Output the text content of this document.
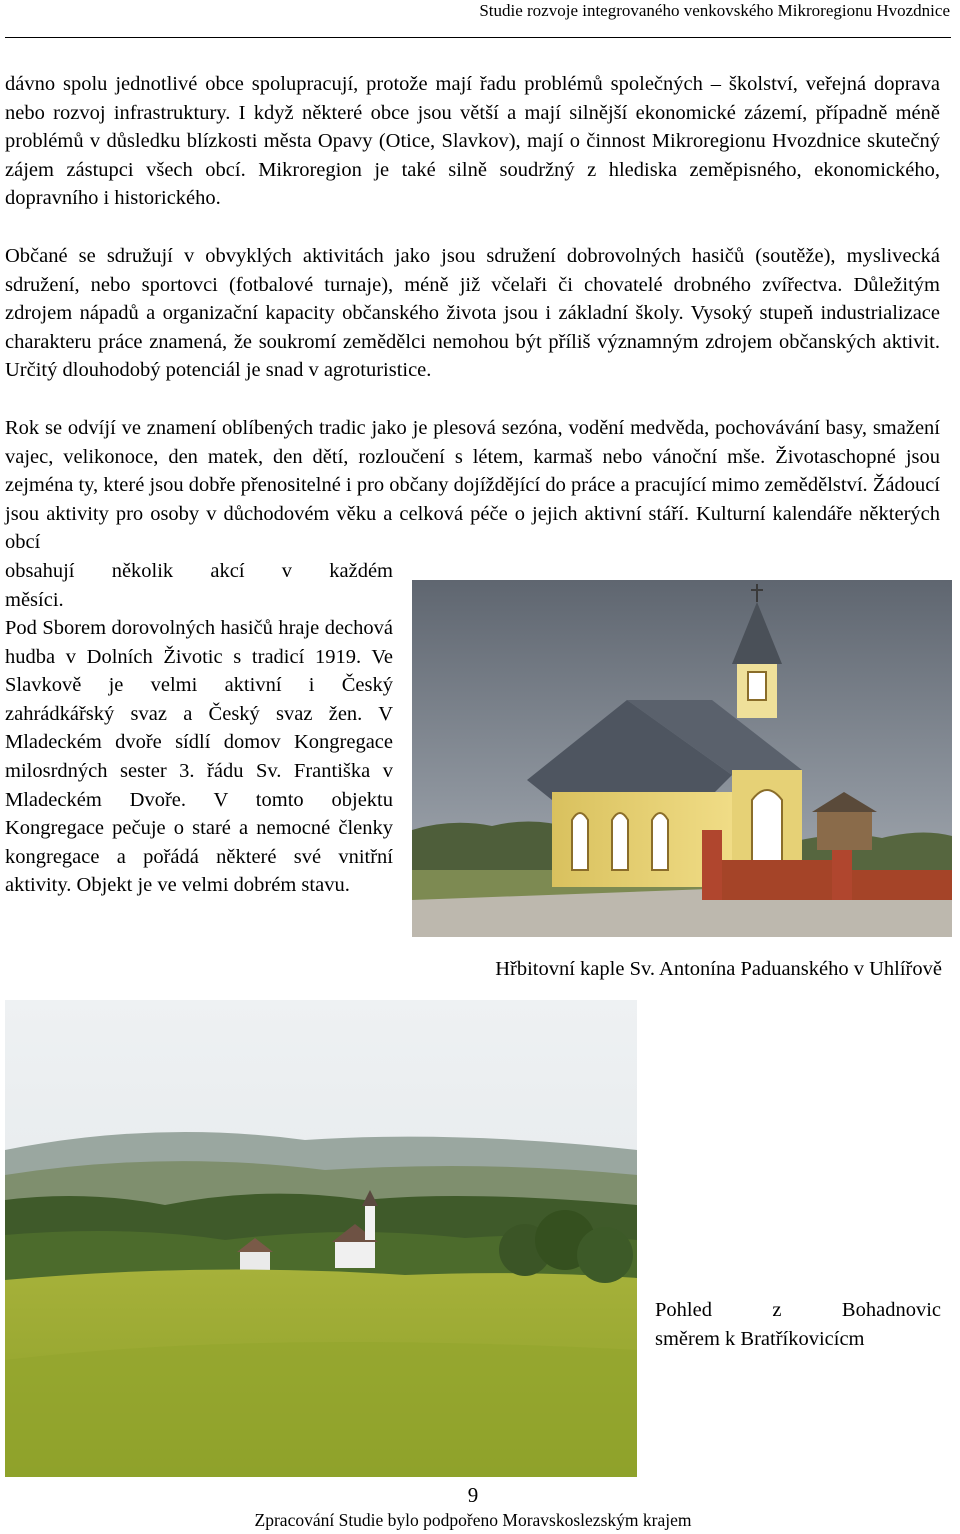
Studie rozvoje integrovaného venkovského Mikroregionu Hvozdnice

dávno spolu jednotlivé obce spolupracují, protože mají řadu problémů společných – školství, veřejná doprava nebo rozvoj infrastruktury. I když některé obce jsou větší a mají silnější ekonomické zázemí, případně méně problémů v důsledku blízkosti města Opavy (Otice, Slavkov), mají o činnost Mikroregionu Hvozdnice skutečný zájem zástupci všech obcí. Mikroregion je také silně soudržný z hlediska zeměpisného, ekonomického, dopravního i historického.

Občané se sdružují v obvyklých aktivitách jako jsou sdružení dobrovolných hasičů (soutěže), myslivecká sdružení, nebo sportovci (fotbalové turnaje), méně již včelaři či chovatelé drobného zvířectva. Důležitým zdrojem nápadů a organizační kapacity občanského života jsou i základní školy. Vysoký stupeň industrializace charakteru práce znamená, že soukromí zemědělci nemohou být příliš významným zdrojem občanských aktivit. Určitý dlouhodobý potenciál je snad v agroturistice.

Rok se odvíjí ve znamení oblíbených tradic jako je plesová sezóna, vodění medvěda, pochovávání basy, smažení vajec, velikonoce, den matek, den dětí, rozloučení s létem, karmaš nebo vánoční mše. Životaschopné jsou zejména ty, které jsou dobře přenositelné i pro občany dojíždějící do práce a pracující mimo zemědělství. Žádoucí jsou aktivity pro osoby v důchodovém věku a celková péče o jejich aktivní stáří. Kulturní kalendáře některých obcí

obsahují několik akcí v každém
měsíci.

Pod Sborem dorovolných hasičů hraje dechová hudba v Dolních Životic s tradicí 1919. Ve Slavkově je velmi aktivní i Český zahrádkářský svaz a Český svaz žen. V Mladeckém dvoře sídlí domov Kongregace milosrdných sester 3. řádu Sv. Františka v Mladeckém Dvoře. V tomto objektu Kongregace pečuje o staré a nemocné členky kongregace a pořádá některé své vnitřní aktivity. Objekt je ve velmi dobrém stavu.

Hřbitovní kaple Sv. Antonína Paduanského v Uhlířově
Pohled z Bohadnovic
směrem k Bratříkovicícm
9
Zpracování Studie bylo podpořeno Moravskoslezským krajem
